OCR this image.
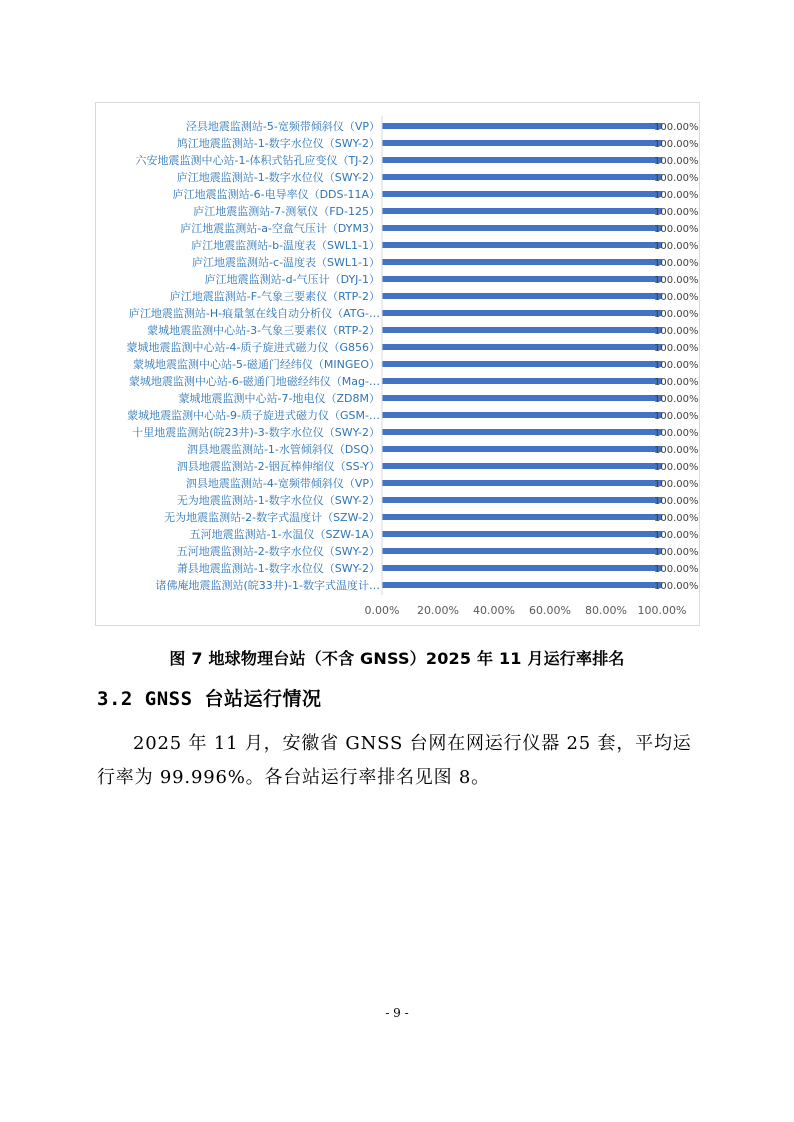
泾县地震监测站-5-宽频带倾斜仪（VP）	100.00%
鸠江地震监测站-1-数字水位仪（SWY-2）	100.00%
六安地震监测中心站-1-体积式钻孔应变仪（TJ-2）	100.00%
庐江地震监测站-1-数字水位仪（SWY-2）	100.00%
庐江地震监测站-6-电导率仪（DDS-11A）	100.00%
庐江地震监测站-7-测氡仪（FD-125）	100.00%
庐江地震监测站-a-空盒气压计（DYM3）	100.00%
庐江地震监测站-b-温度表（SWL1-1）	100.00%
庐江地震监测站-c-温度表（SWL1-1）	100.00%
庐江地震监测站-d-气压计（DYJ-1）	100.00%
庐江地震监测站-F-气象三要素仪（RTP-2）	100.00%
庐江地震监测站-H-痕量氢在线自动分析仪（ATG-…	100.00%
蒙城地震监测中心站-3-气象三要素仪（RTP-2）	100.00%
蒙城地震监测中心站-4-质子旋进式磁力仪（G856）	100.00%
蒙城地震监测中心站-5-磁通门经纬仪（MINGEO）	100.00%
蒙城地震监测中心站-6-磁通门地磁经纬仪（Mag-…	100.00%
蒙城地震监测中心站-7-地电仪（ZD8M）	100.00%
蒙城地震监测中心站-9-质子旋进式磁力仪（GSM-…	100.00%
十里地震监测站(皖23井)-3-数字水位仪（SWY-2）	100.00%
泗县地震监测站-1-水管倾斜仪（DSQ）	100.00%
泗县地震监测站-2-铟瓦棒伸缩仪（SS-Y）	100.00%
泗县地震监测站-4-宽频带倾斜仪（VP）	100.00%
无为地震监测站-1-数字水位仪（SWY-2）	100.00%
无为地震监测站-2-数字式温度计（SZW-2）	100.00%
五河地震监测站-1-水温仪（SZW-1A）	100.00%
五河地震监测站-2-数字水位仪（SWY-2）	100.00%
萧县地震监测站-1-数字水位仪（SWY-2）	100.00%
诸佛庵地震监测站(皖33井)-1-数字式温度计…	100.00%
0.00% 20.00% 40.00% 60.00% 80.00% 100.00%
图 7 地球物理台站（不含 GNSS）2025 年 11 月运行率排名
3.2 GNSS 台站运行情况
2025 年 11 月，安徽省 GNSS 台网在网运行仪器 25 套，平均运行率为 99.996%。各台站运行率排名见图 8。
- 9 -
